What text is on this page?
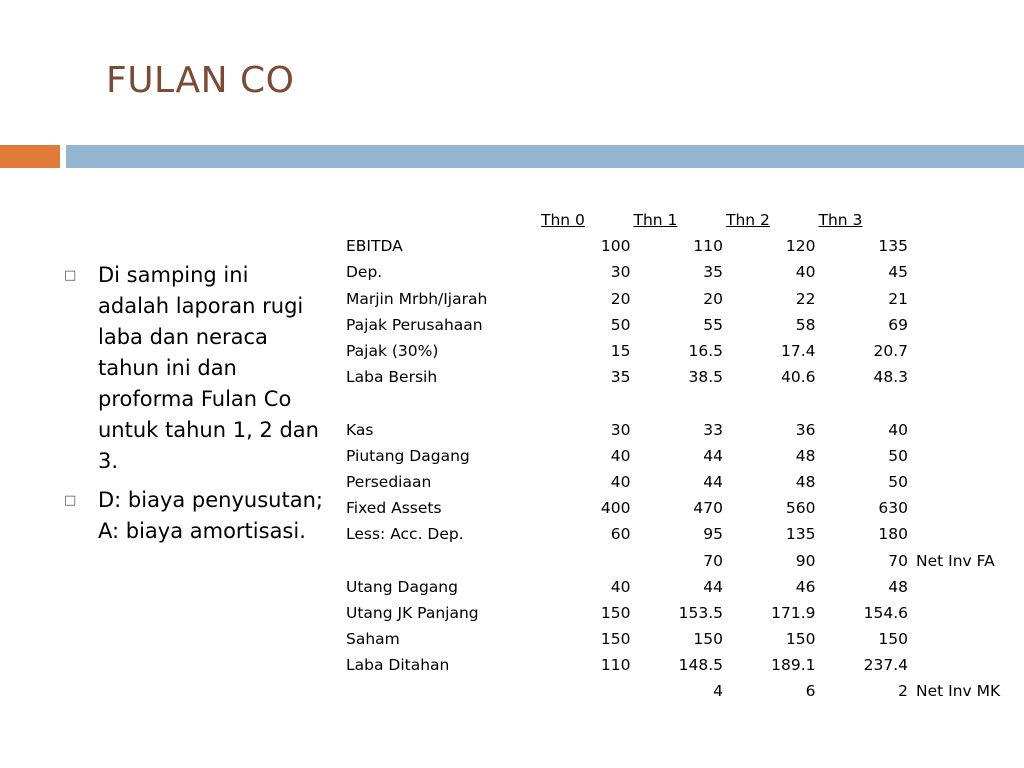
FULAN CO
□	Di samping ini adalah laporan rugi laba dan neraca tahun ini dan proforma Fulan Co untuk tahun 1, 2 dan 3.
□	D: biaya penyusutan; A: biaya amortisasi.
	Thn 0	Thn 1	Thn 2	Thn 3	
EBITDA	100	110	120	135	
Dep.	30	35	40	45	
Marjin Mrbh/Ijarah	20	20	22	21	
Pajak Perusahaan	50	55	58	69	
Pajak (30%)	15	16.5	17.4	20.7	
Laba Bersih	35	38.5	40.6	48.3	

Kas	30	33	36	40	
Piutang Dagang	40	44	48	50	
Persediaan	40	44	48	50	
Fixed Assets	400	470	560	630	
Less: Acc. Dep.	60	95	135	180	
		70	90	70	Net Inv FA
Utang Dagang	40	44	46	48	
Utang JK Panjang	150	153.5	171.9	154.6	
Saham	150	150	150	150	
Laba Ditahan	110	148.5	189.1	237.4	
		4	6	2	Net Inv MK
